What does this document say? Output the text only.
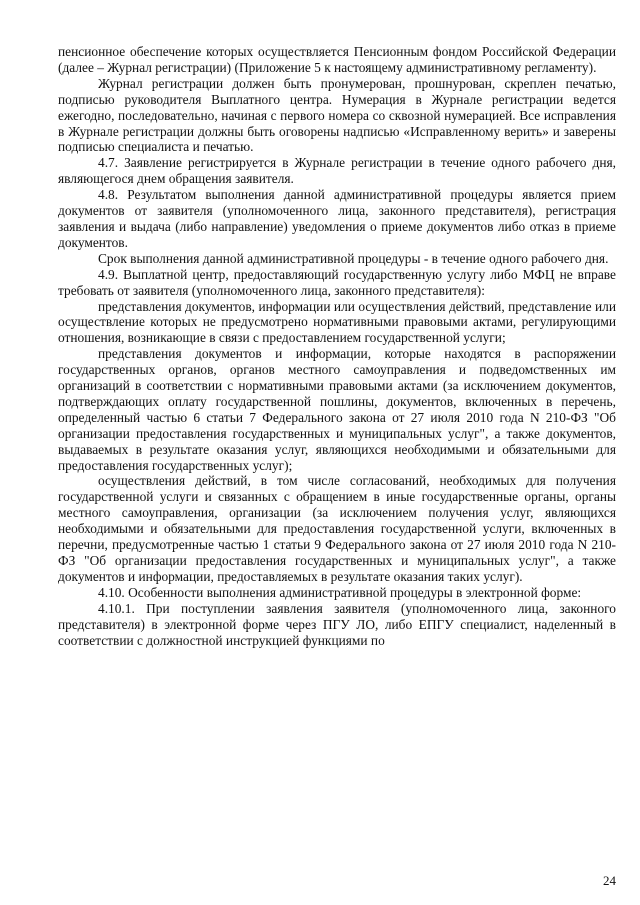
пенсионное обеспечение которых осуществляется Пенсионным фондом Российской Федерации (далее – Журнал регистрации) (Приложение 5 к настоящему административному регламенту).

Журнал регистрации должен быть пронумерован, прошнурован, скреплен печатью, подписью руководителя Выплатного центра. Нумерация в Журнале регистрации ведется ежегодно, последовательно, начиная с первого номера со сквозной нумерацией. Все исправления в Журнале регистрации должны быть оговорены надписью «Исправленному верить» и заверены подписью специалиста и печатью.

4.7. Заявление регистрируется в Журнале регистрации в течение одного рабочего дня, являющегося днем обращения заявителя.

4.8. Результатом выполнения данной административной процедуры является прием документов от заявителя (уполномоченного лица, законного представителя), регистрация заявления и выдача (либо направление) уведомления о приеме документов либо отказ в приеме документов.

Срок выполнения данной административной процедуры - в течение одного рабочего дня.

4.9. Выплатной центр, предоставляющий государственную услугу либо МФЦ не вправе требовать от заявителя (уполномоченного лица, законного представителя):

представления документов, информации или осуществления действий, представление или осуществление которых не предусмотрено нормативными правовыми актами, регулирующими отношения, возникающие в связи с предоставлением государственной услуги;

представления документов и информации, которые находятся в распоряжении государственных органов, органов местного самоуправления и подведомственных им организаций в соответствии с нормативными правовыми актами (за исключением документов, подтверждающих оплату государственной пошлины, документов, включенных в перечень, определенный частью 6 статьи 7 Федерального закона от 27 июля 2010 года N 210-ФЗ "Об организации предоставления государственных и муниципальных услуг", а также документов, выдаваемых в результате оказания услуг, являющихся необходимыми и обязательными для предоставления государственных услуг);

осуществления действий, в том числе согласований, необходимых для получения государственной услуги и связанных с обращением в иные государственные органы, органы местного самоуправления, организации (за исключением получения услуг, являющихся необходимыми и обязательными для предоставления государственной услуги, включенных в перечни, предусмотренные частью 1 статьи 9 Федерального закона от 27 июля 2010 года N 210-ФЗ "Об организации предоставления государственных и муниципальных услуг", а также документов и информации, предоставляемых в результате оказания таких услуг).

4.10. Особенности выполнения административной процедуры в электронной форме:

4.10.1. При поступлении заявления заявителя (уполномоченного лица, законного представителя) в электронной форме через ПГУ ЛО, либо ЕПГУ специалист, наделенный в соответствии с должностной инструкцией функциями по

24
